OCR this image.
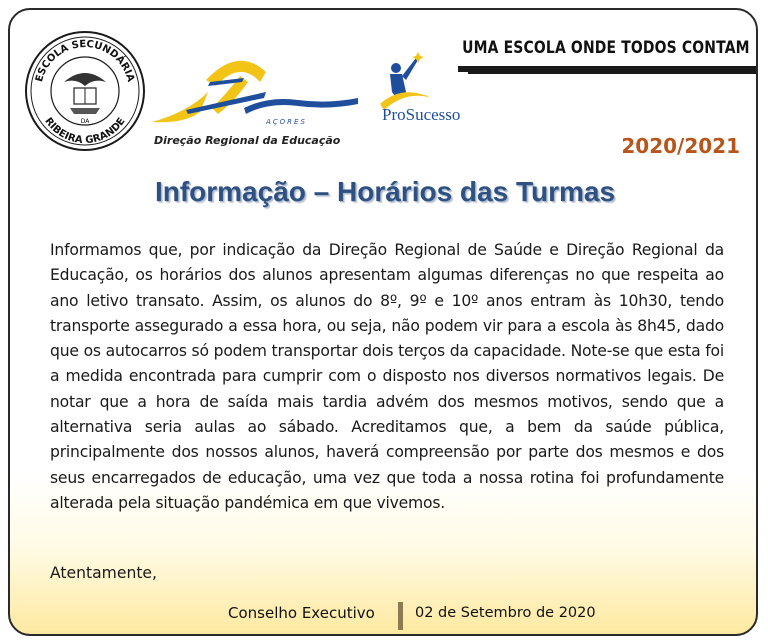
ESCOLA SECUNDÁRIA
RIBEIRA GRANDE
DA	AÇORES
Direção Regional da Educação
ProSucesso
UMA ESCOLA ONDE TODOS CONTAM
2020/2021
Informação – Horários das Turmas
Informamos que, por indicação da Direção Regional de Saúde e Direção Regional da Educação, os horários dos alunos apresentam algumas diferenças no que respeita ao ano letivo transato. Assim, os alunos do 8º, 9º e 10º anos entram às 10h30, tendo transporte assegurado a essa hora, ou seja, não podem vir para a escola às 8h45, dado que os autocarros só podem transportar dois terços da capacidade. Note-se que esta foi a medida encontrada para cumprir com o disposto nos diversos normativos legais. De notar que a hora de saída mais tardia advém dos mesmos motivos, sendo que a alternativa seria aulas ao sábado. Acreditamos que, a bem da saúde pública, principalmente dos nossos alunos, haverá compreensão por parte dos mesmos e dos seus encarregados de educação, uma vez que toda a nossa rotina foi profundamente alterada pela situação pandémica em que vivemos.
Atentamente,
Conselho Executivo	02 de Setembro de 2020
